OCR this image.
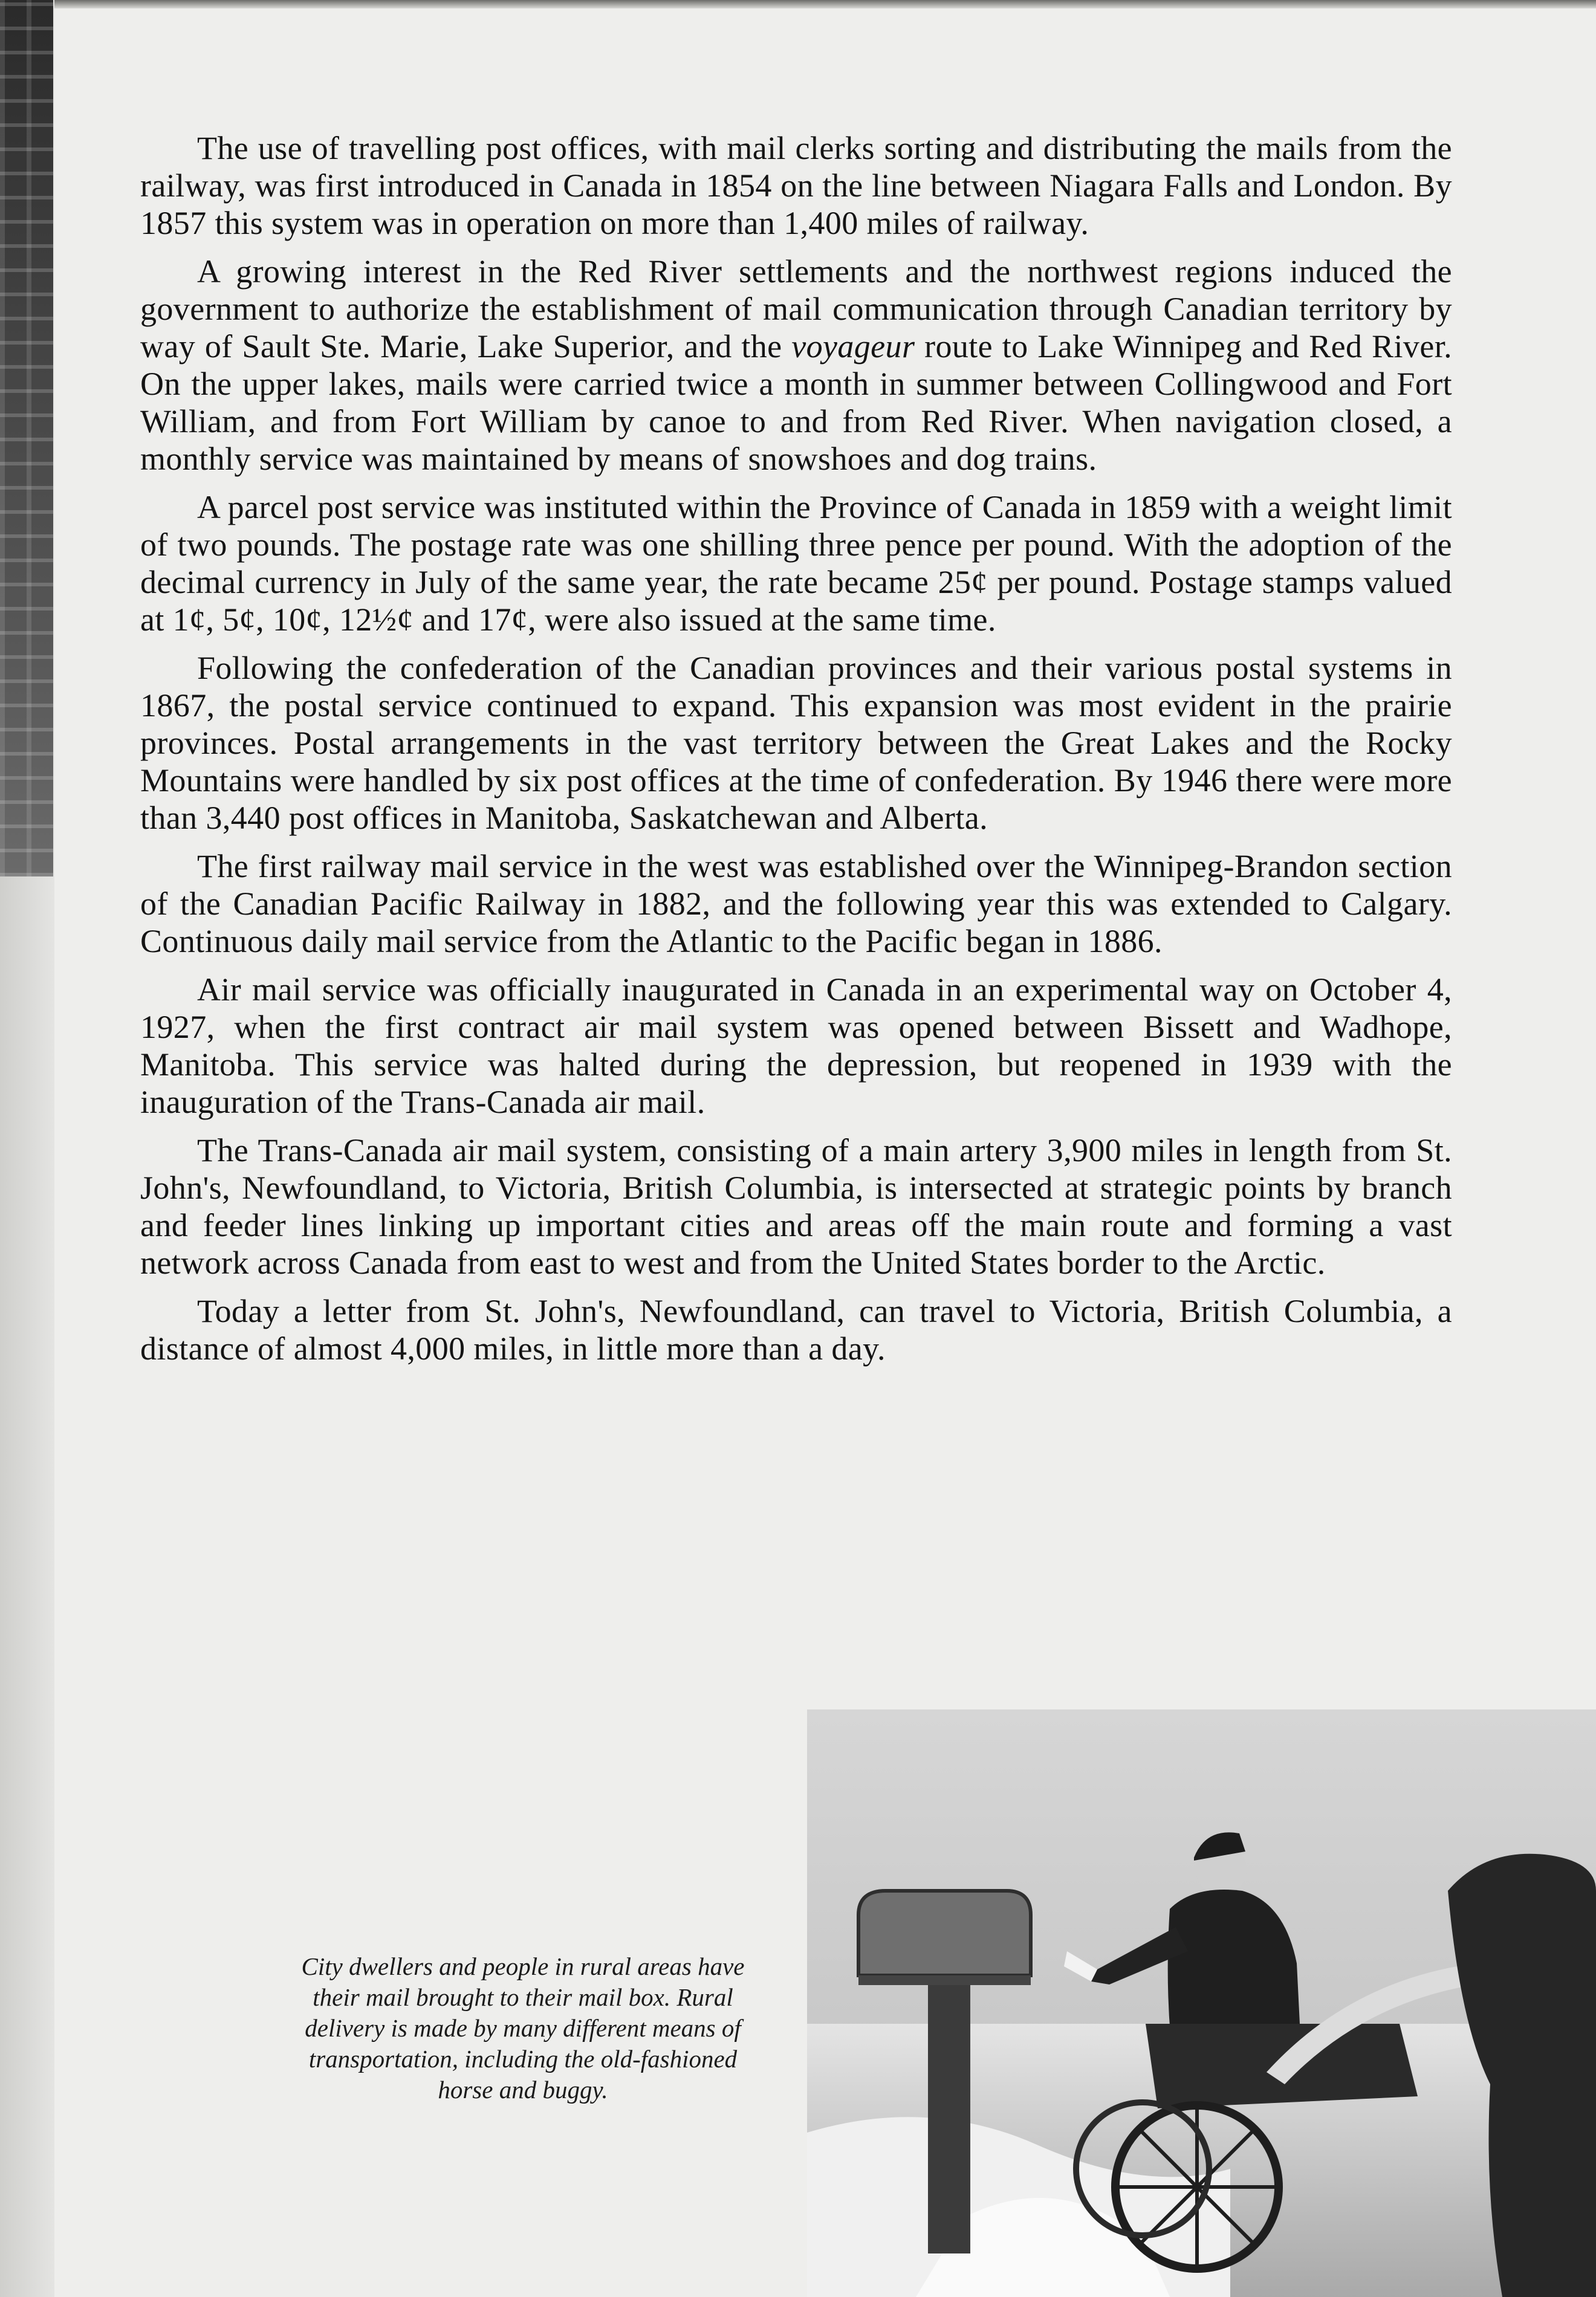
The use of travelling post offices, with mail clerks sorting and distributing the mails from the railway, was first introduced in Canada in 1854 on the line between Niagara Falls and London. By 1857 this system was in operation on more than 1,400 miles of railway.

A growing interest in the Red River settlements and the northwest regions induced the government to authorize the establishment of mail communication through Canadian territory by way of Sault Ste. Marie, Lake Superior, and the voyageur route to Lake Winnipeg and Red River. On the upper lakes, mails were carried twice a month in summer between Collingwood and Fort William, and from Fort William by canoe to and from Red River. When navigation closed, a monthly service was maintained by means of snowshoes and dog trains.

A parcel post service was instituted within the Province of Canada in 1859 with a weight limit of two pounds. The postage rate was one shilling three pence per pound. With the adoption of the decimal currency in July of the same year, the rate became 25¢ per pound. Postage stamps valued at 1¢, 5¢, 10¢, 12½¢ and 17¢, were also issued at the same time.

Following the confederation of the Canadian provinces and their various postal systems in 1867, the postal service continued to expand. This expansion was most evident in the prairie provinces. Postal arrangements in the vast territory between the Great Lakes and the Rocky Mountains were handled by six post offices at the time of confederation. By 1946 there were more than 3,440 post offices in Manitoba, Saskatchewan and Alberta.

The first railway mail service in the west was established over the Winnipeg-Brandon section of the Canadian Pacific Railway in 1882, and the following year this was extended to Calgary. Continuous daily mail service from the Atlantic to the Pacific began in 1886.

Air mail service was officially inaugurated in Canada in an experimental way on October 4, 1927, when the first contract air mail system was opened between Bissett and Wadhope, Manitoba. This service was halted during the depression, but reopened in 1939 with the inauguration of the Trans-Canada air mail.

The Trans-Canada air mail system, consisting of a main artery 3,900 miles in length from St. John's, Newfoundland, to Victoria, British Columbia, is intersected at strategic points by branch and feeder lines linking up important cities and areas off the main route and forming a vast network across Canada from east to west and from the United States border to the Arctic.

Today a letter from St. John's, Newfoundland, can travel to Victoria, British Columbia, a distance of almost 4,000 miles, in little more than a day.

City dwellers and people in rural areas have their mail brought to their mail box. Rural delivery is made by many different means of transportation, including the old-fashioned horse and buggy.
